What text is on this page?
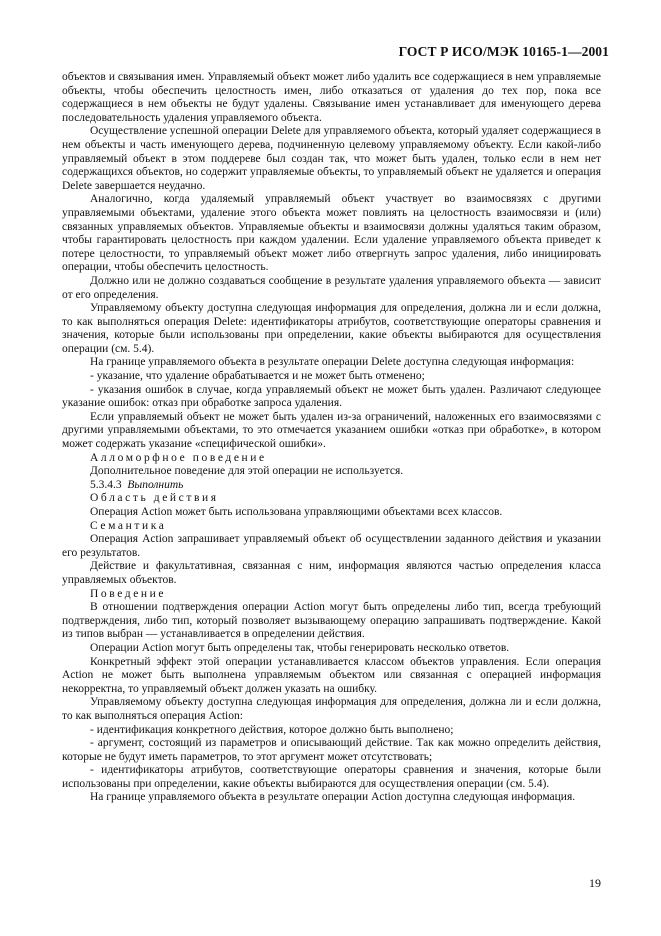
ГОСТ Р ИСО/МЭК 10165-1—2001

объектов и связывания имен. Управляемый объект может либо удалить все содержащиеся в нем управляемые объекты, чтобы обеспечить целостность имен, либо отказаться от удаления до тех пор, пока все содержащиеся в нем объекты не будут удалены. Связывание имен устанавливает для именующего дерева последовательность удаления управляемого объекта.

Осуществление успешной операции Delete для управляемого объекта, который удаляет содержащиеся в нем объекты и часть именующего дерева, подчиненную целевому управляемому объекту. Если какой-либо управляемый объект в этом поддереве был создан так, что может быть удален, только если в нем нет содержащихся объектов, но содержит управляемые объекты, то управляемый объект не удаляется и операция Delete завершается неудачно.

Аналогично, когда удаляемый управляемый объект участвует во взаимосвязях с другими управляемыми объектами, удаление этого объекта может повлиять на целостность взаимосвязи и (или) связанных управляемых объектов. Управляемые объекты и взаимосвязи должны удаляться таким образом, чтобы гарантировать целостность при каждом удалении. Если удаление управляемого объекта приведет к потере целостности, то управляемый объект может либо отвергнуть запрос удаления, либо инициировать операции, чтобы обеспечить целостность.

Должно или не должно создаваться сообщение в результате удаления управляемого объекта — зависит от его определения.

Управляемому объекту доступна следующая информация для определения, должна ли и если должна, то как выполняться операция Delete: идентификаторы атрибутов, соответствующие операторы сравнения и значения, которые были использованы при определении, какие объекты выбираются для осуществления операции (см. 5.4).

На границе управляемого объекта в результате операции Delete доступна следующая информация:

- указание, что удаление обрабатывается и не может быть отменено;

- указания ошибок в случае, когда управляемый объект не может быть удален. Различают следующее указание ошибок: отказ при обработке запроса удаления.

Если управляемый объект не может быть удален из-за ограничений, наложенных его взаимосвязями с другими управляемыми объектами, то это отмечается указанием ошибки «отказ при обработке», в котором может содержать указание «специфической ошибки».

Алломорфное поведение

Дополнительное поведение для этой операции не используется.

5.3.4.3 Выполнить

Область действия

Операция Action может быть использована управляющими объектами всех классов.

Семантика

Операция Action запрашивает управляемый объект об осуществлении заданного действия и указании его результатов.

Действие и факультативная, связанная с ним, информация являются частью определения класса управляемых объектов.

Поведение

В отношении подтверждения операции Action могут быть определены либо тип, всегда требующий подтверждения, либо тип, который позволяет вызывающему операцию запрашивать подтверждение. Какой из типов выбран — устанавливается в определении действия.

Операции Action могут быть определены так, чтобы генерировать несколько ответов.

Конкретный эффект этой операции устанавливается классом объектов управления. Если операция Action не может быть выполнена управляемым объектом или связанная с операцией информация некорректна, то управляемый объект должен указать на ошибку.

Управляемому объекту доступна следующая информация для определения, должна ли и если должна, то как выполняться операция Action:

- идентификация конкретного действия, которое должно быть выполнено;

- аргумент, состоящий из параметров и описывающий действие. Так как можно определить действия, которые не будут иметь параметров, то этот аргумент может отсутствовать;

- идентификаторы атрибутов, соответствующие операторы сравнения и значения, которые были использованы при определении, какие объекты выбираются для осуществления операции (см. 5.4).

На границе управляемого объекта в результате операции Action доступна следующая информация.

19
